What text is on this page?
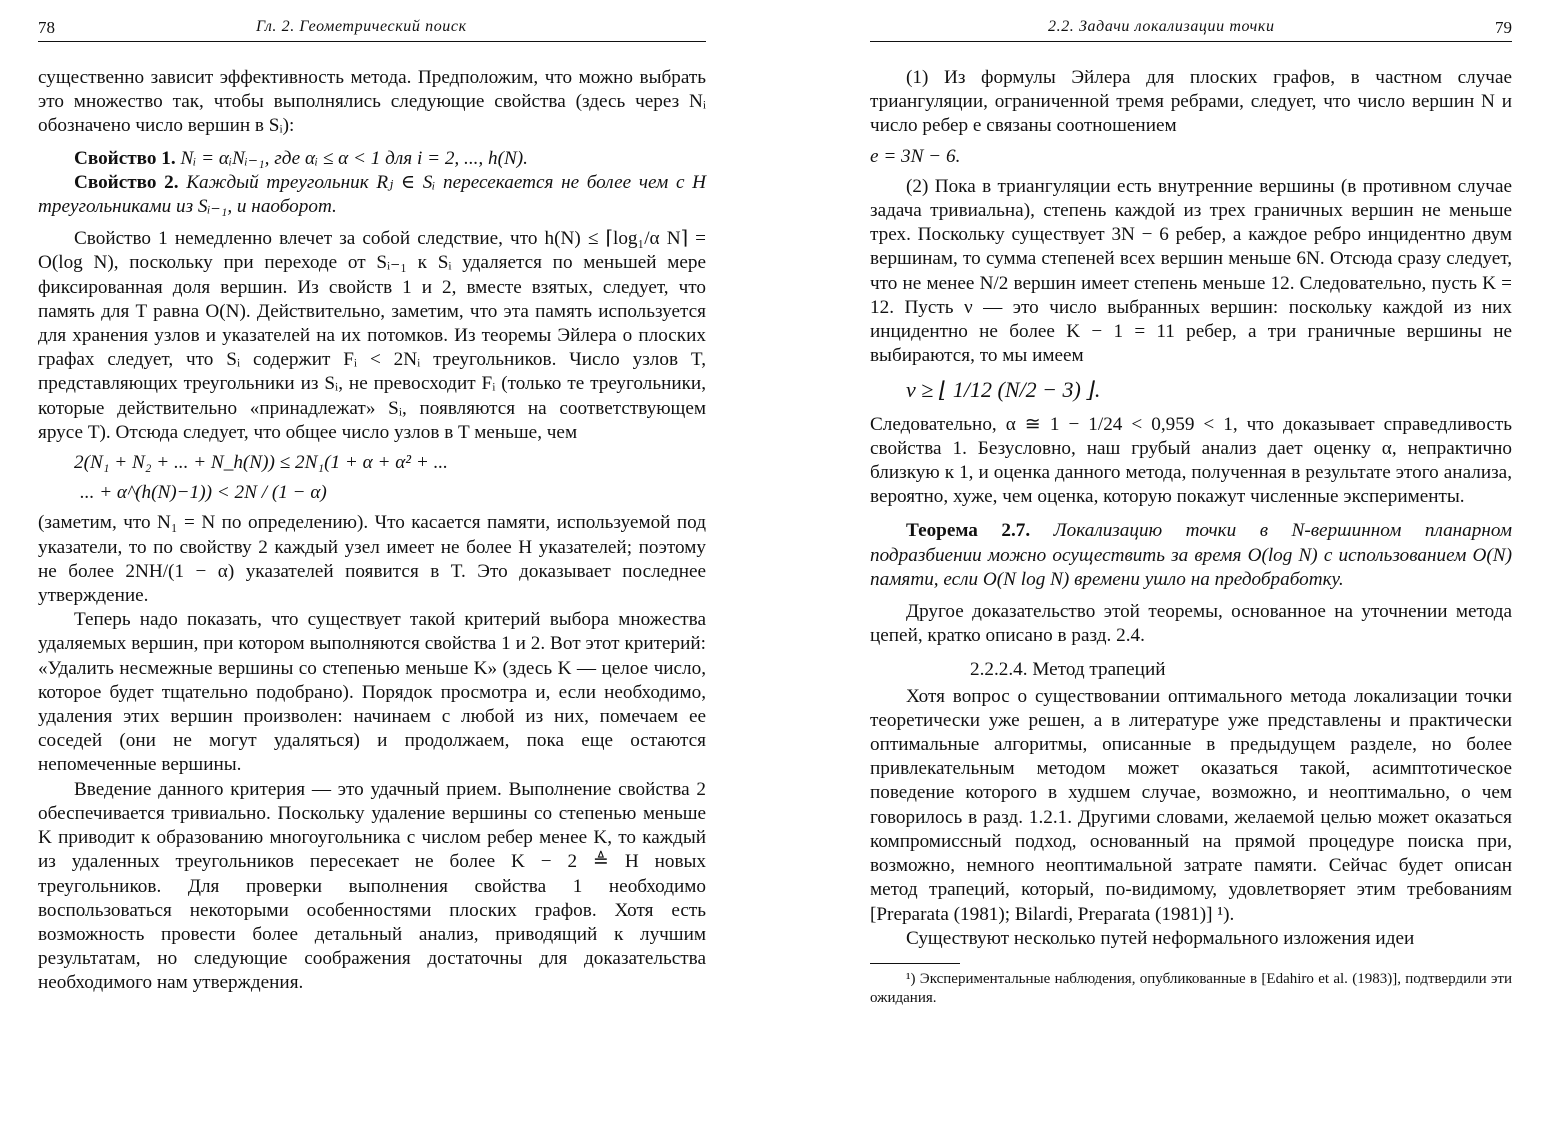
78	Гл. 2. Геометрический поиск

существенно зависит эффективность метода. Предположим, что можно выбрать это множество так, чтобы выполнялись следующие свойства (здесь через Nᵢ обозначено число вершин в Sᵢ):

Свойство 1. Nᵢ = αᵢNᵢ₋₁, где αᵢ ≤ α < 1 для i = 2, ..., h(N).

Свойство 2. Каждый треугольник Rⱼ ∈ Sᵢ пересекается не более чем с H треугольниками из Sᵢ₋₁, и наоборот.

Свойство 1 немедленно влечет за собой следствие, что h(N) ≤ ⌈log₁/α N⌉ = O(log N), поскольку при переходе от Sᵢ₋₁ к Sᵢ удаляется по меньшей мере фиксированная доля вершин. Из свойств 1 и 2, вместе взятых, следует, что память для T равна O(N). Действительно, заметим, что эта память используется для хранения узлов и указателей на их потомков. Из теоремы Эйлера о плоских графах следует, что Sᵢ содержит Fᵢ < 2Nᵢ треугольников. Число узлов T, представляющих треугольники из Sᵢ, не превосходит Fᵢ (только те треугольники, которые действительно «принадлежат» Sᵢ, появляются на соответствующем ярусе T). Отсюда следует, что общее число узлов в T меньше, чем

2(N₁ + N₂ + ... + N_h(N)) ≤ 2N₁(1 + α + α² + ...

... + α^(h(N)−1)) < 2N / (1 − α)

(заметим, что N₁ = N по определению). Что касается памяти, используемой под указатели, то по свойству 2 каждый узел имеет не более H указателей; поэтому не более 2NH/(1 − α) указателей появится в T. Это доказывает последнее утверждение.

Теперь надо показать, что существует такой критерий выбора множества удаляемых вершин, при котором выполняются свойства 1 и 2. Вот этот критерий: «Удалить несмежные вершины со степенью меньше K» (здесь K — целое число, которое будет тщательно подобрано). Порядок просмотра и, если необходимо, удаления этих вершин произволен: начинаем с любой из них, помечаем ее соседей (они не могут удаляться) и продолжаем, пока еще остаются непомеченные вершины.

Введение данного критерия — это удачный прием. Выполнение свойства 2 обеспечивается тривиально. Поскольку удаление вершины со степенью меньше K приводит к образованию многоугольника с числом ребер менее K, то каждый из удаленных треугольников пересекает не более K − 2 ≜ H новых треугольников. Для проверки выполнения свойства 1 необходимо воспользоваться некоторыми особенностями плоских графов. Хотя есть возможность провести более детальный анализ, приводящий к лучшим результатам, но следующие соображения достаточны для доказательства необходимого нам утверждения.

2.2. Задачи локализации точки	79

(1) Из формулы Эйлера для плоских графов, в частном случае триангуляции, ограниченной тремя ребрами, следует, что число вершин N и число ребер e связаны соотношением

e = 3N − 6.

(2) Пока в триангуляции есть внутренние вершины (в противном случае задача тривиальна), степень каждой из трех граничных вершин не меньше трех. Поскольку существует 3N − 6 ребер, а каждое ребро инцидентно двум вершинам, то сумма степеней всех вершин меньше 6N. Отсюда сразу следует, что не менее N/2 вершин имеет степень меньше 12. Следовательно, пусть K = 12. Пусть ν — это число выбранных вершин: поскольку каждой из них инцидентно не более K − 1 = 11 ребер, а три граничные вершины не выбираются, то мы имеем

ν ≥ ⌊ 1/12 (N/2 − 3) ⌋.

Следовательно, α ≅ 1 − 1/24 < 0,959 < 1, что доказывает справедливость свойства 1. Безусловно, наш грубый анализ дает оценку α, непрактично близкую к 1, и оценка данного метода, полученная в результате этого анализа, вероятно, хуже, чем оценка, которую покажут численные эксперименты.

Теорема 2.7. Локализацию точки в N-вершинном планарном подразбиении можно осуществить за время O(log N) с использованием O(N) памяти, если O(N log N) времени ушло на предобработку.

Другое доказательство этой теоремы, основанное на уточнении метода цепей, кратко описано в разд. 2.4.

2.2.2.4. Метод трапеций

Хотя вопрос о существовании оптимального метода локализации точки теоретически уже решен, а в литературе уже представлены и практически оптимальные алгоритмы, описанные в предыдущем разделе, но более привлекательным методом может оказаться такой, асимптотическое поведение которого в худшем случае, возможно, и неоптимально, о чем говорилось в разд. 1.2.1. Другими словами, желаемой целью может оказаться компромиссный подход, основанный на прямой процедуре поиска при, возможно, немного неоптимальной затрате памяти. Сейчас будет описан метод трапеций, который, по-видимому, удовлетворяет этим требованиям [Preparata (1981); Bilardi, Preparata (1981)] ¹).

Существуют несколько путей неформального изложения идеи

¹) Экспериментальные наблюдения, опубликованные в [Edahiro et al. (1983)], подтвердили эти ожидания.
